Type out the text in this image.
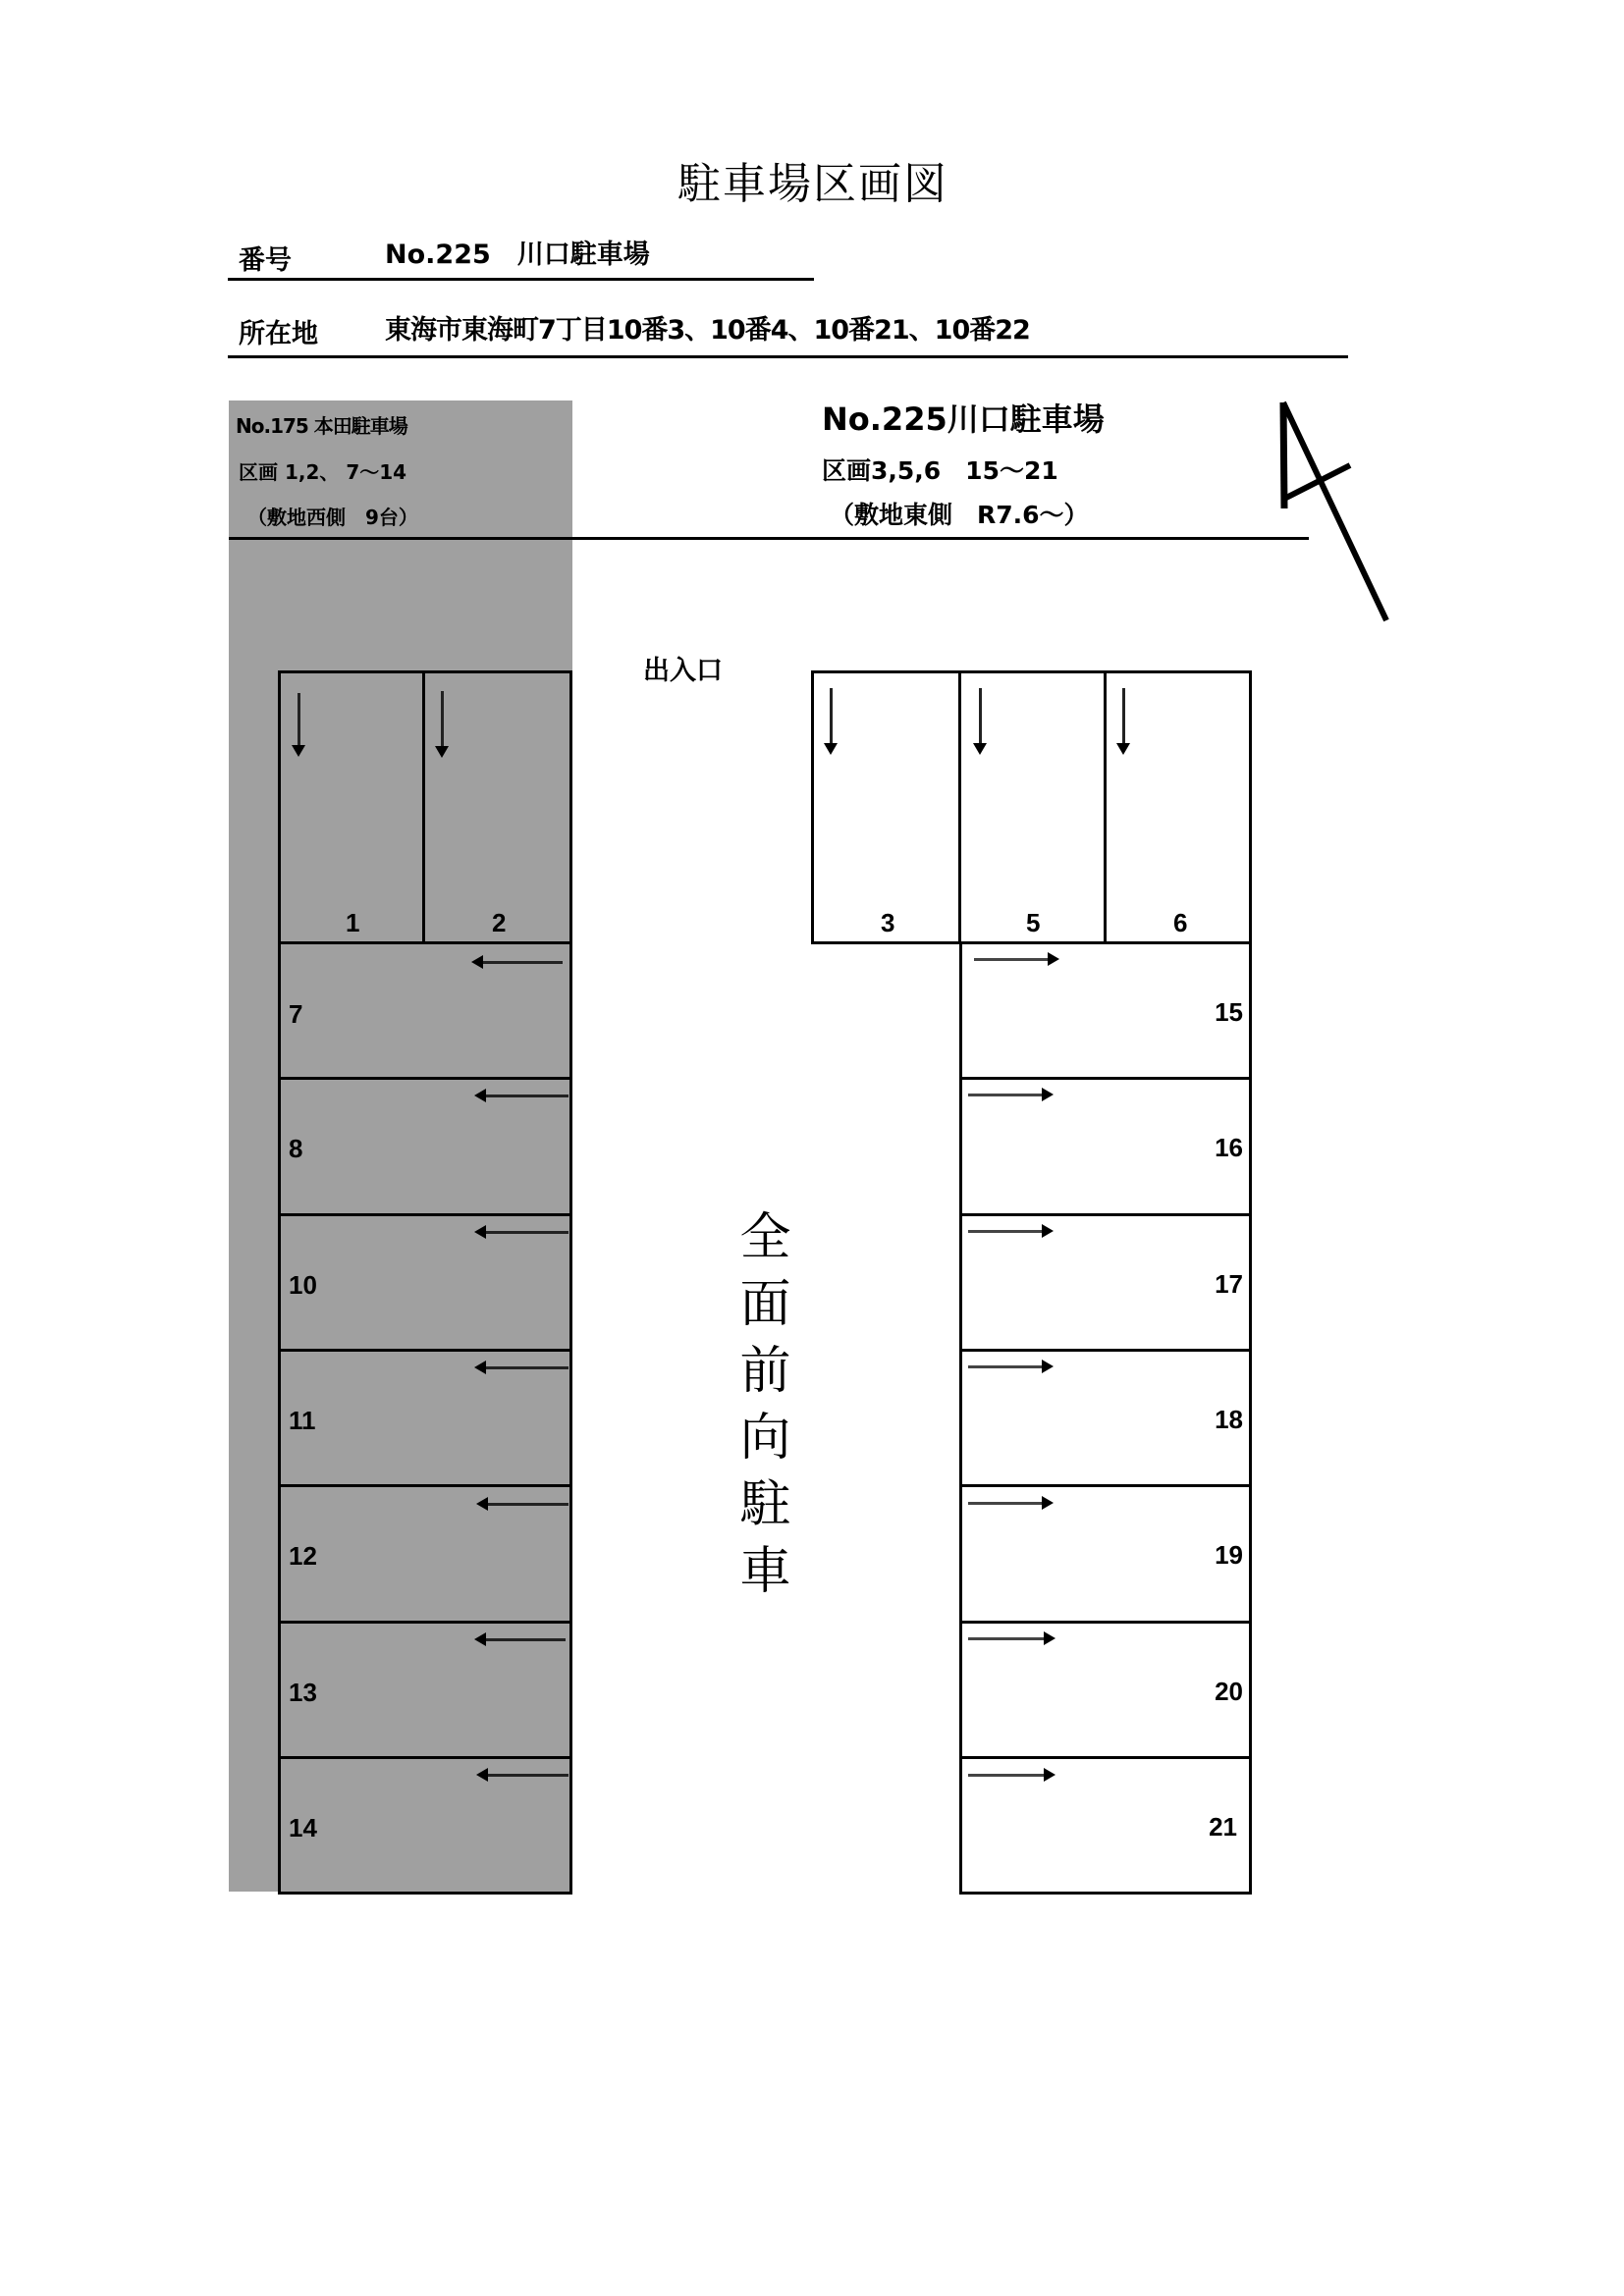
駐車場区画図
番号	No.225　川口駐車場
所在地	東海市東海町7丁目10番3、10番4、10番21、10番22
No.175 本田駐車場
区画 1,2、 7〜14
（敷地西側　9台）
No.225川口駐車場
区画3,5,6　15〜21
（敷地東側　R7.6〜）
出入口
全面前向駐車
1	2
7
8
10
11
12
13
14
3	5	6
15
16
17
18
19
20
21
